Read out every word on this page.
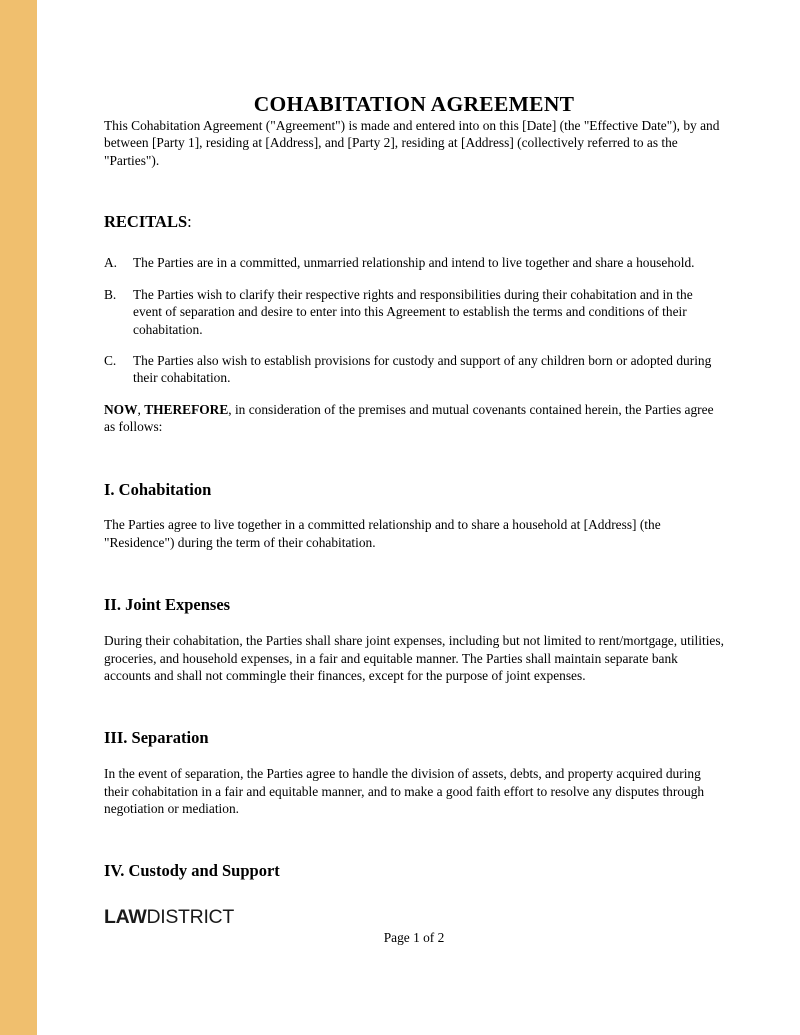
COHABITATION AGREEMENT

This Cohabitation Agreement ("Agreement") is made and entered into on this [Date] (the "Effective Date"), by and between [Party 1], residing at [Address], and [Party 2], residing at [Address] (collectively referred to as the "Parties").

RECITALS:

A. The Parties are in a committed, unmarried relationship and intend to live together and share a household.
B. The Parties wish to clarify their respective rights and responsibilities during their cohabitation and in the event of separation and desire to enter into this Agreement to establish the terms and conditions of their cohabitation.
C. The Parties also wish to establish provisions for custody and support of any children born or adopted during their cohabitation.

NOW, THEREFORE, in consideration of the premises and mutual covenants contained herein, the Parties agree as follows:

I. Cohabitation

The Parties agree to live together in a committed relationship and to share a household at [Address] (the "Residence") during the term of their cohabitation.

II. Joint Expenses

During their cohabitation, the Parties shall share joint expenses, including but not limited to rent/mortgage, utilities, groceries, and household expenses, in a fair and equitable manner. The Parties shall maintain separate bank accounts and shall not commingle their finances, except for the purpose of joint expenses.

III. Separation

In the event of separation, the Parties agree to handle the division of assets, debts, and property acquired during their cohabitation in a fair and equitable manner, and to make a good faith effort to resolve any disputes through negotiation or mediation.

IV. Custody and Support
LAWDISTRICT
Page 1 of 2
